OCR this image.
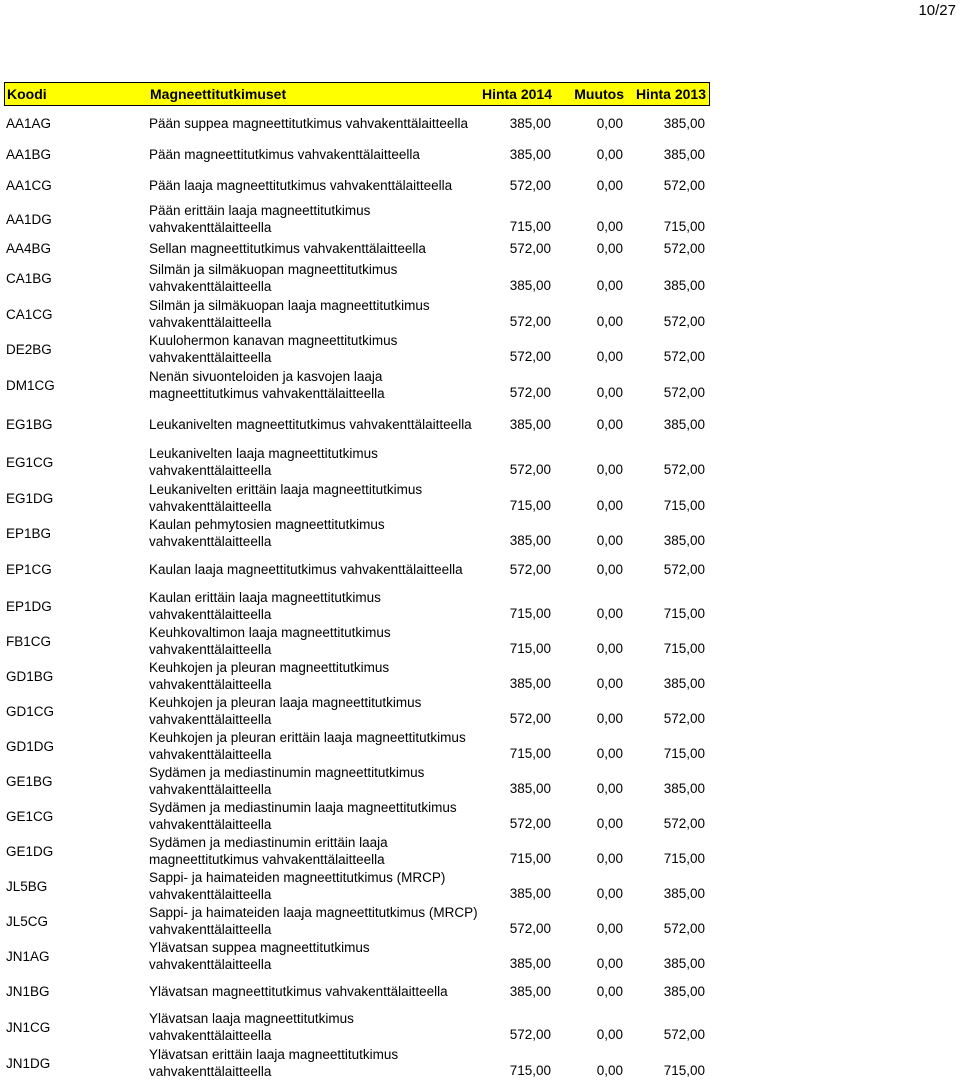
10/27
Koodi	Magneettitutkimuset	Hinta 2014	Muutos Hinta 2013
AA1AG	Pään suppea magneettitutkimus vahvakenttälaitteella	385,00	0,00	385,00
AA1BG	Pään magneettitutkimus vahvakenttälaitteella	385,00	0,00	385,00
AA1CG	Pään laaja magneettitutkimus vahvakenttälaitteella	572,00	0,00	572,00
AA1DG
Pään erittäin laaja magneettitutkimus
vahvakenttälaitteella	715,00	0,00	715,00
AA4BG	Sellan magneettitutkimus vahvakenttälaitteella	572,00	0,00	572,00
CA1BG
Silmän ja silmäkuopan magneettitutkimus
vahvakenttälaitteella	385,00	0,00	385,00
CA1CG
Silmän ja silmäkuopan laaja magneettitutkimus
vahvakenttälaitteella	572,00	0,00	572,00
DE2BG
Kuulohermon kanavan magneettitutkimus
vahvakenttälaitteella	572,00	0,00	572,00
DM1CG
Nenän sivuonteloiden ja kasvojen laaja
magneettitutkimus vahvakenttälaitteella	572,00	0,00	572,00
EG1BG	Leukanivelten magneettitutkimus vahvakenttälaitteella	385,00	0,00	385,00
EG1CG
Leukanivelten laaja magneettitutkimus
vahvakenttälaitteella	572,00	0,00	572,00
EG1DG
Leukanivelten erittäin laaja magneettitutkimus
vahvakenttälaitteella	715,00	0,00	715,00
EP1BG
Kaulan pehmytosien magneettitutkimus
vahvakenttälaitteella	385,00	0,00	385,00
EP1CG	Kaulan laaja magneettitutkimus vahvakenttälaitteella	572,00	0,00	572,00
EP1DG
Kaulan erittäin laaja magneettitutkimus
vahvakenttälaitteella	715,00	0,00	715,00
FB1CG
Keuhkovaltimon laaja magneettitutkimus
vahvakenttälaitteella	715,00	0,00	715,00
GD1BG
Keuhkojen ja pleuran magneettitutkimus
vahvakenttälaitteella	385,00	0,00	385,00
GD1CG
Keuhkojen ja pleuran laaja magneettitutkimus
vahvakenttälaitteella	572,00	0,00	572,00
GD1DG
Keuhkojen ja pleuran erittäin laaja magneettitutkimus
vahvakenttälaitteella	715,00	0,00	715,00
GE1BG
Sydämen ja mediastinumin magneettitutkimus
vahvakenttälaitteella	385,00	0,00	385,00
GE1CG
Sydämen ja mediastinumin laaja magneettitutkimus
vahvakenttälaitteella	572,00	0,00	572,00
GE1DG
Sydämen ja mediastinumin erittäin laaja
magneettitutkimus vahvakenttälaitteella	715,00	0,00	715,00
JL5BG
Sappi- ja haimateiden magneettitutkimus (MRCP)
vahvakenttälaitteella	385,00	0,00	385,00
JL5CG
Sappi- ja haimateiden laaja magneettitutkimus (MRCP)
vahvakenttälaitteella	572,00	0,00	572,00
JN1AG
Ylävatsan suppea magneettitutkimus
vahvakenttälaitteella	385,00	0,00	385,00
JN1BG	Ylävatsan magneettitutkimus vahvakenttälaitteella	385,00	0,00	385,00
JN1CG
Ylävatsan laaja magneettitutkimus
vahvakenttälaitteella	572,00	0,00	572,00
JN1DG
Ylävatsan erittäin laaja magneettitutkimus
vahvakenttälaitteella	715,00	0,00	715,00
